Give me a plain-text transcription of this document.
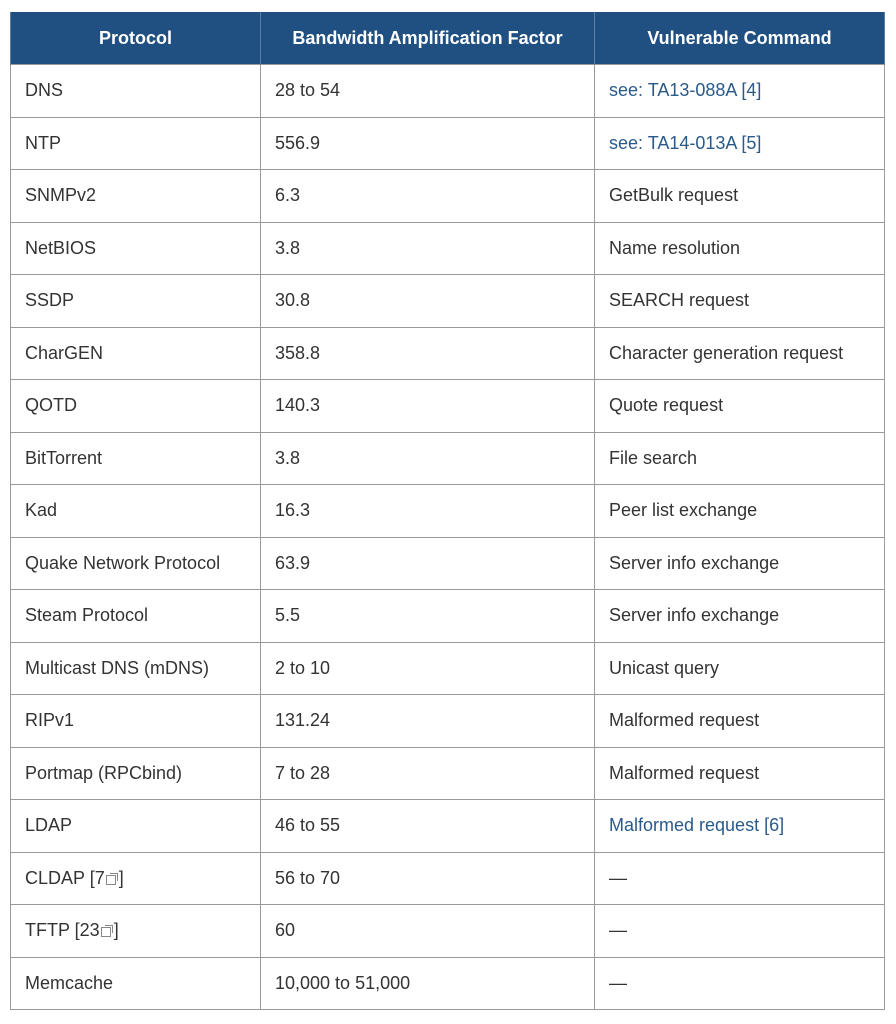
Protocol	Bandwidth Amplification Factor	Vulnerable Command
DNS	28 to 54	see: TA13-088A [4]
NTP	556.9	see: TA14-013A [5]
SNMPv2	6.3	GetBulk request
NetBIOS	3.8	Name resolution
SSDP	30.8	SEARCH request
CharGEN	358.8	Character generation request
QOTD	140.3	Quote request
BitTorrent	3.8	File search
Kad	16.3	Peer list exchange
Quake Network Protocol	63.9	Server info exchange
Steam Protocol	5.5	Server info exchange
Multicast DNS (mDNS)	2 to 10	Unicast query
RIPv1	131.24	Malformed request
Portmap (RPCbind)	7 to 28	Malformed request
LDAP	46 to 55	Malformed request [6]
CLDAP [7 ]	56 to 70	—
TFTP [23 ]	60	—
Memcache	10,000 to 51,000	—
